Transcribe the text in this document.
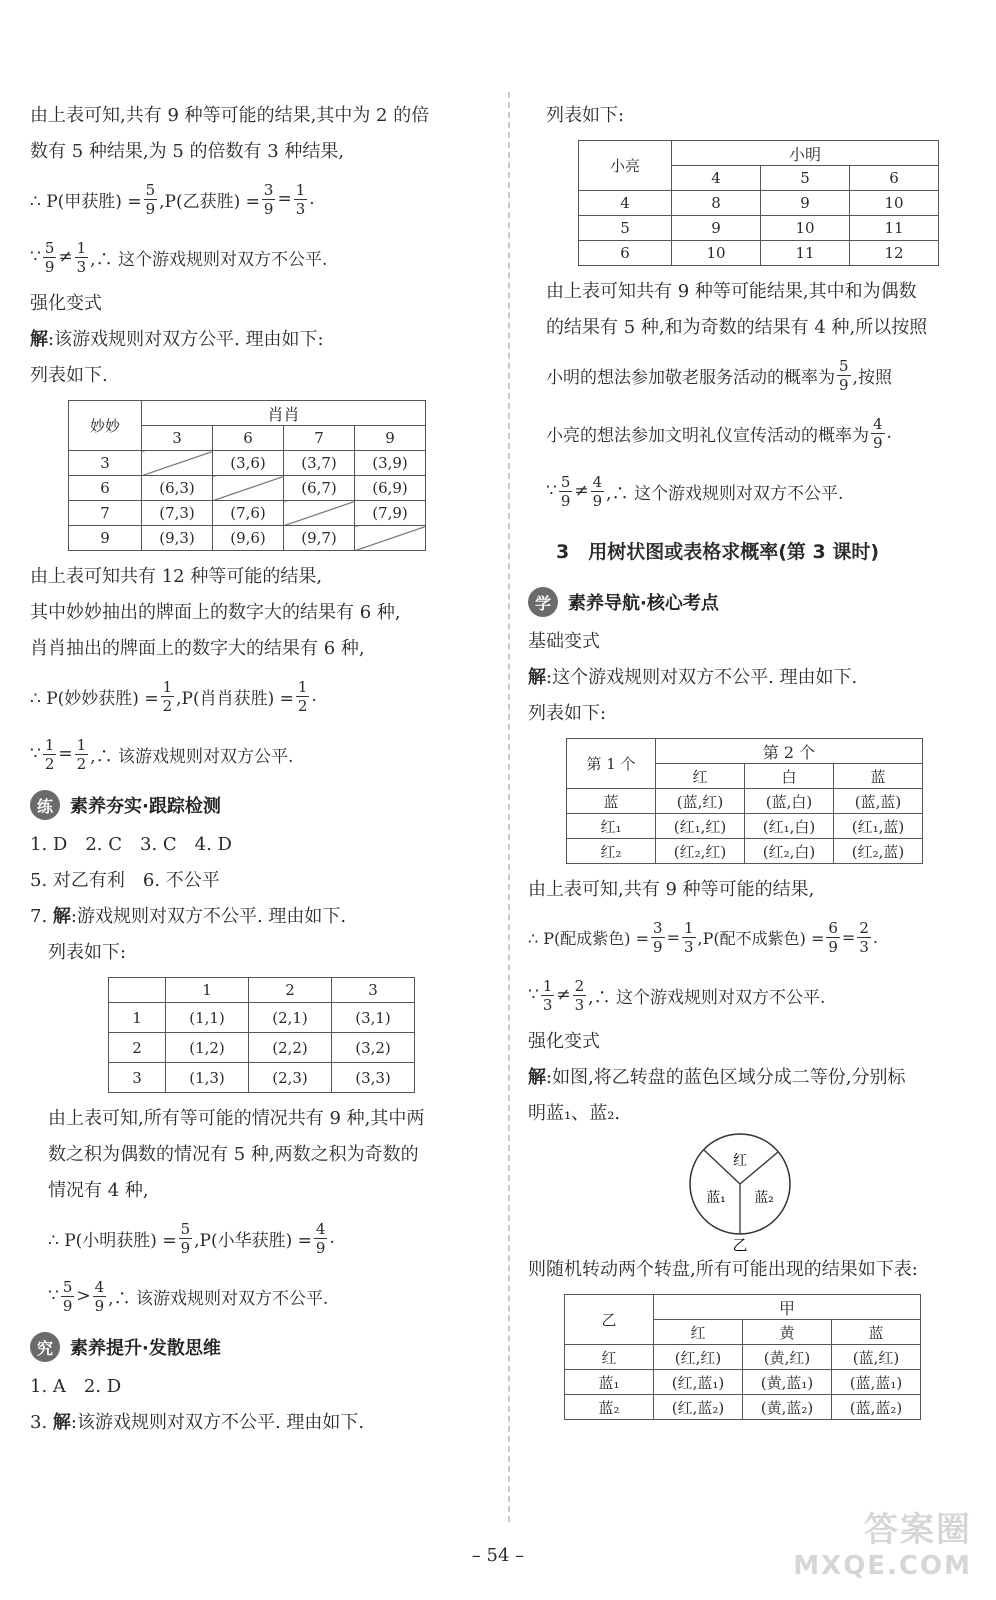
由上表可知,共有 9 种等可能的结果,其中为 2 的倍
数有 5 种结果,为 5 的倍数有 3 种结果,
∴ P(甲获胜) = $\frac{5}{9} ,P$(乙获胜) = $\frac{3}{9} = \frac{1}{3}$ .
∵ $\frac{5}{9} \ne \frac{1}{3}$ ,∴ 这个游戏规则对双方不公平.
强化变式
解:该游戏规则对双方公平. 理由如下:
列表如下.
妙妙	肖肖			
	3	6	7	9
3		(3,6)	(3,7)	(3,9)
6	(6,3)		(6,7)	(6,9)
7	(7,3)	(7,6)		(7,9)
9	(9,3)	(9,6)	(9,7)	
由上表可知共有 12 种等可能的结果,
其中妙妙抽出的牌面上的数字大的结果有 6 种,
肖肖抽出的牌面上的数字大的结果有 6 种,
∴ P(妙妙获胜) = $\frac{1}{2} ,P$(肖肖获胜) = $\frac{1}{2}$ .
∵ $\frac{1}{2} = \frac{1}{2}$ ,∴ 该游戏规则对双方公平.
练 素养夯实·跟踪检测
1. D　2. C　3. C　4. D
5. 对乙有利　6. 不公平
7. 解:游戏规则对双方不公平. 理由如下.
列表如下:
	1	2	3
1	(1,1)	(2,1)	(3,1)
2	(1,2)	(2,2)	(3,2)
3	(1,3)	(2,3)	(3,3)
由上表可知,所有等可能的情况共有 9 种,其中两
数之积为偶数的情况有 5 种,两数之积为奇数的
情况有 4 种,
∴ P(小明获胜) = $\frac{5}{9} ,P$(小华获胜) = $\frac{4}{9}$ .
∵ $\frac{5}{9} > \frac{4}{9}$ ,∴ 该游戏规则对双方不公平.
究 素养提升·发散思维
1. A　2. D
3. 解:该游戏规则对双方不公平. 理由如下.
列表如下:
小亮	小明		
	4	5	6
4	8	9	10
5	9	10	11
6	10	11	12
由上表可知共有 9 种等可能结果,其中和为偶数
的结果有 5 种,和为奇数的结果有 4 种,所以按照
小明的想法参加敬老服务活动的概率为 $\frac{5}{9}$ ,按照
小亮的想法参加文明礼仪宣传活动的概率为 $\frac{4}{9}$ .
∵ $\frac{5}{9} \ne \frac{4}{9}$ ,∴ 这个游戏规则对双方不公平.
3　用树状图或表格求概率(第 3 课时)
学 素养导航·核心考点
基础变式
解:这个游戏规则对双方不公平. 理由如下.
列表如下:
第 1 个	第 2 个		
	红	白	蓝
蓝	(蓝,红)	(蓝,白)	(蓝,蓝)
红₁	(红₁,红)	(红₁,白)	(红₁,蓝)
红₂	(红₂,红)	(红₂,白)	(红₂,蓝)
由上表可知,共有 9 种等可能的结果,
∴ P(配成紫色) = $\frac{3}{9} = \frac{1}{3} ,P$(配不成紫色) = $\frac{6}{9} = \frac{2}{3}$ .
∵ $\frac{1}{3} \ne \frac{2}{3}$ ,∴ 这个游戏规则对双方不公平.
强化变式
解:如图,将乙转盘的蓝色区域分成二等份,分别标
明蓝₁、蓝₂.
红
蓝₁ 蓝₂
乙
则随机转动两个转盘,所有可能出现的结果如下表:
乙	甲		
	红	黄	蓝
红	(红,红)	(黄,红)	(蓝,红)
蓝₁	(红,蓝₁)	(黄,蓝₁)	(蓝,蓝₁)
蓝₂	(红,蓝₂)	(黄,蓝₂)	(蓝,蓝₂)
答案圈
MXQE.COM
– 54 –
